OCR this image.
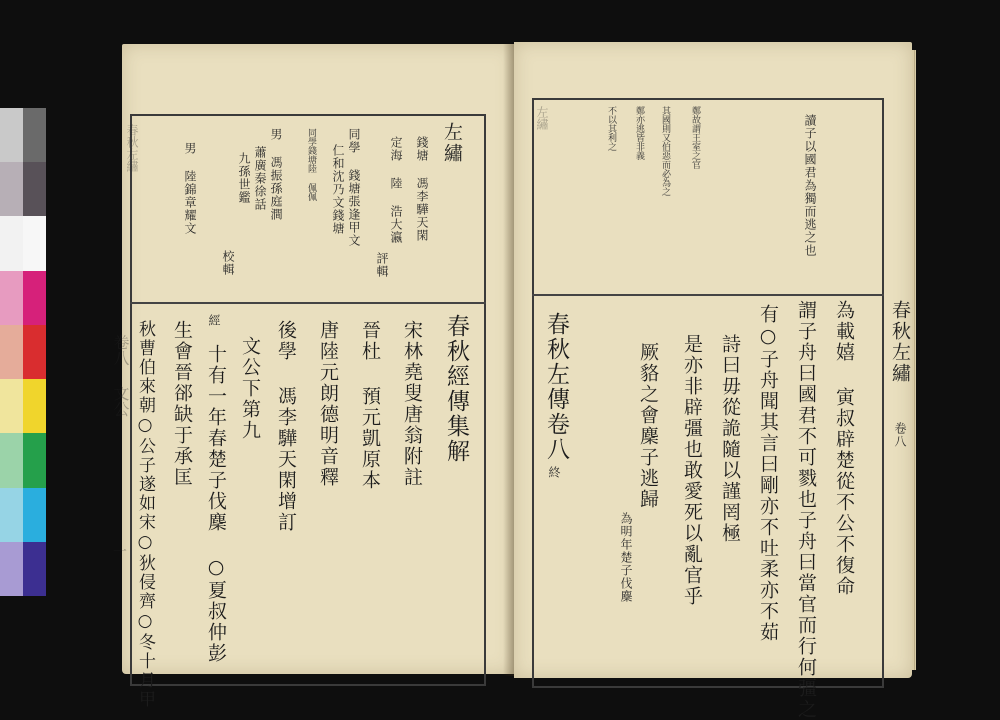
春秋左繡	左繡
錢塘 馮李驊天閑
定海 陸 浩大瀛
評輯
同學 錢塘張逢甲文
仁和沈乃文錢塘
同學錢塘陸 佩佩
男 馮振孫庭澗
蕭廣秦徐話
九孫世鑑
校輯
男 陸錦章耀文
春秋經傳集解
宋林堯叟唐翁附註
晉杜 預元凱原本
唐陸元朗德明音釋
後學 馮李驊天閑增訂
文公下第九
經
十有一年春楚子伐麇
○夏叔仲彭
生會晉郤缺于承匡
秋曹伯來朝○公子遂如宋○狄侵齊○冬十月甲
卷八 文公
一
左繡	讀子以國君為獨而逃之也
鄭故謂王室之官
其國則又伯惡而必為之
鄭亦逃皆非義
不以其利之
為載嬉 寅叔辟楚從不公不復命
謂子舟曰國君不可戮也子舟曰當官而行何彊之
有○子舟聞其言曰剛亦不吐柔亦不茹
詩曰毋從詭隨以謹罔極
是亦非辟彊也敢愛死以亂官乎
厥貉之會麇子逃歸
為明年楚子伐麇
春秋左傳卷八
終
春秋左繡
卷八
